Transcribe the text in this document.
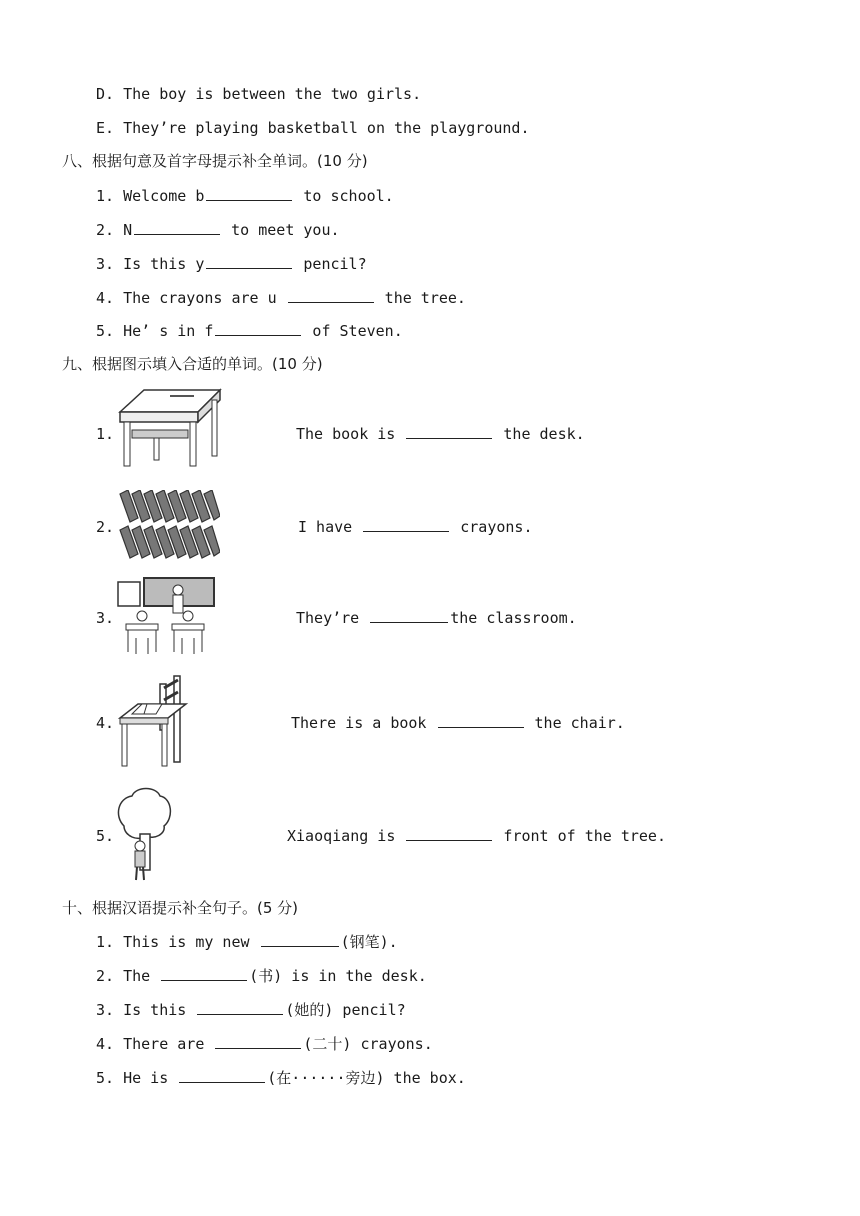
D. The boy is between the two girls.
E. They’re playing basketball on the playground.
八、根据句意及首字母提示补全单词。(10 分)
1. Welcome b	to school.
2. N	to meet you.
3. Is this y	pencil?
4. The crayons are u	the tree.
5. He’ s in f	of Steven.
九、根据图示填入合适的单词。(10 分)
1.	The book is	the desk.
2.	I have	crayons.
3.	They’re	the classroom.
4.	There is a book	the chair.
5.	Xiaoqiang is	front of the tree.
十、根据汉语提示补全句子。(5 分)
1. This is my new	(钢笔).
2. The	(书) is in the desk.
3. Is this	(她的) pencil?
4. There are	(二十) crayons.
5. He is	(在······旁边) the box.
